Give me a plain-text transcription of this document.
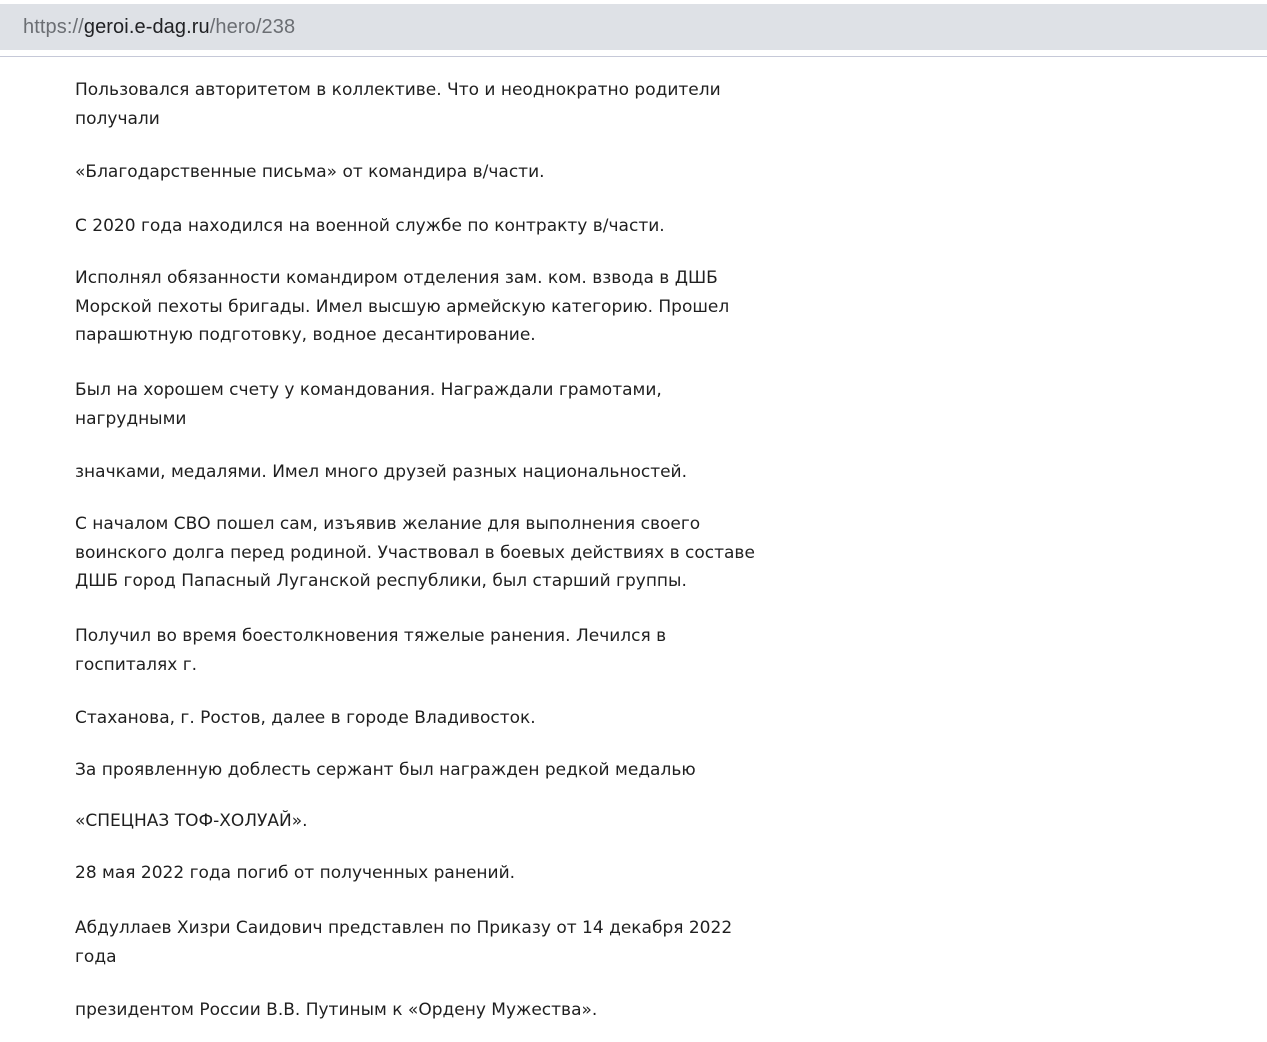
https:// geroi.e-dag.ru /hero/238
Пользовался авторитетом в коллективе. Что и неоднократно родители
получали
«Благодарственные письма» от командира в/части.
С 2020 года находился на военной службе по контракту в/части.
Исполнял обязанности командиром отделения зам. ком. взвода в ДШБ
Морской пехоты бригады. Имел высшую армейскую категорию. Прошел
парашютную подготовку, водное десантирование.
Был на хорошем счету у командования. Награждали грамотами,
нагрудными
значками, медалями. Имел много друзей разных национальностей.
С началом СВО пошел сам, изъявив желание для выполнения своего
воинского долга перед родиной. Участвовал в боевых действиях в составе
ДШБ город Папасный Луганской республики, был старший группы.
Получил во время боестолкновения тяжелые ранения. Лечился в
госпиталях г.
Стаханова, г. Ростов, далее в городе Владивосток.
За проявленную доблесть сержант был награжден редкой медалью
«СПЕЦНАЗ ТОФ-ХОЛУАЙ».
28 мая 2022 года погиб от полученных ранений.
Абдуллаев Хизри Саидович представлен по Приказу от 14 декабря 2022
года
президентом России В.В. Путиным к «Ордену Мужества».
